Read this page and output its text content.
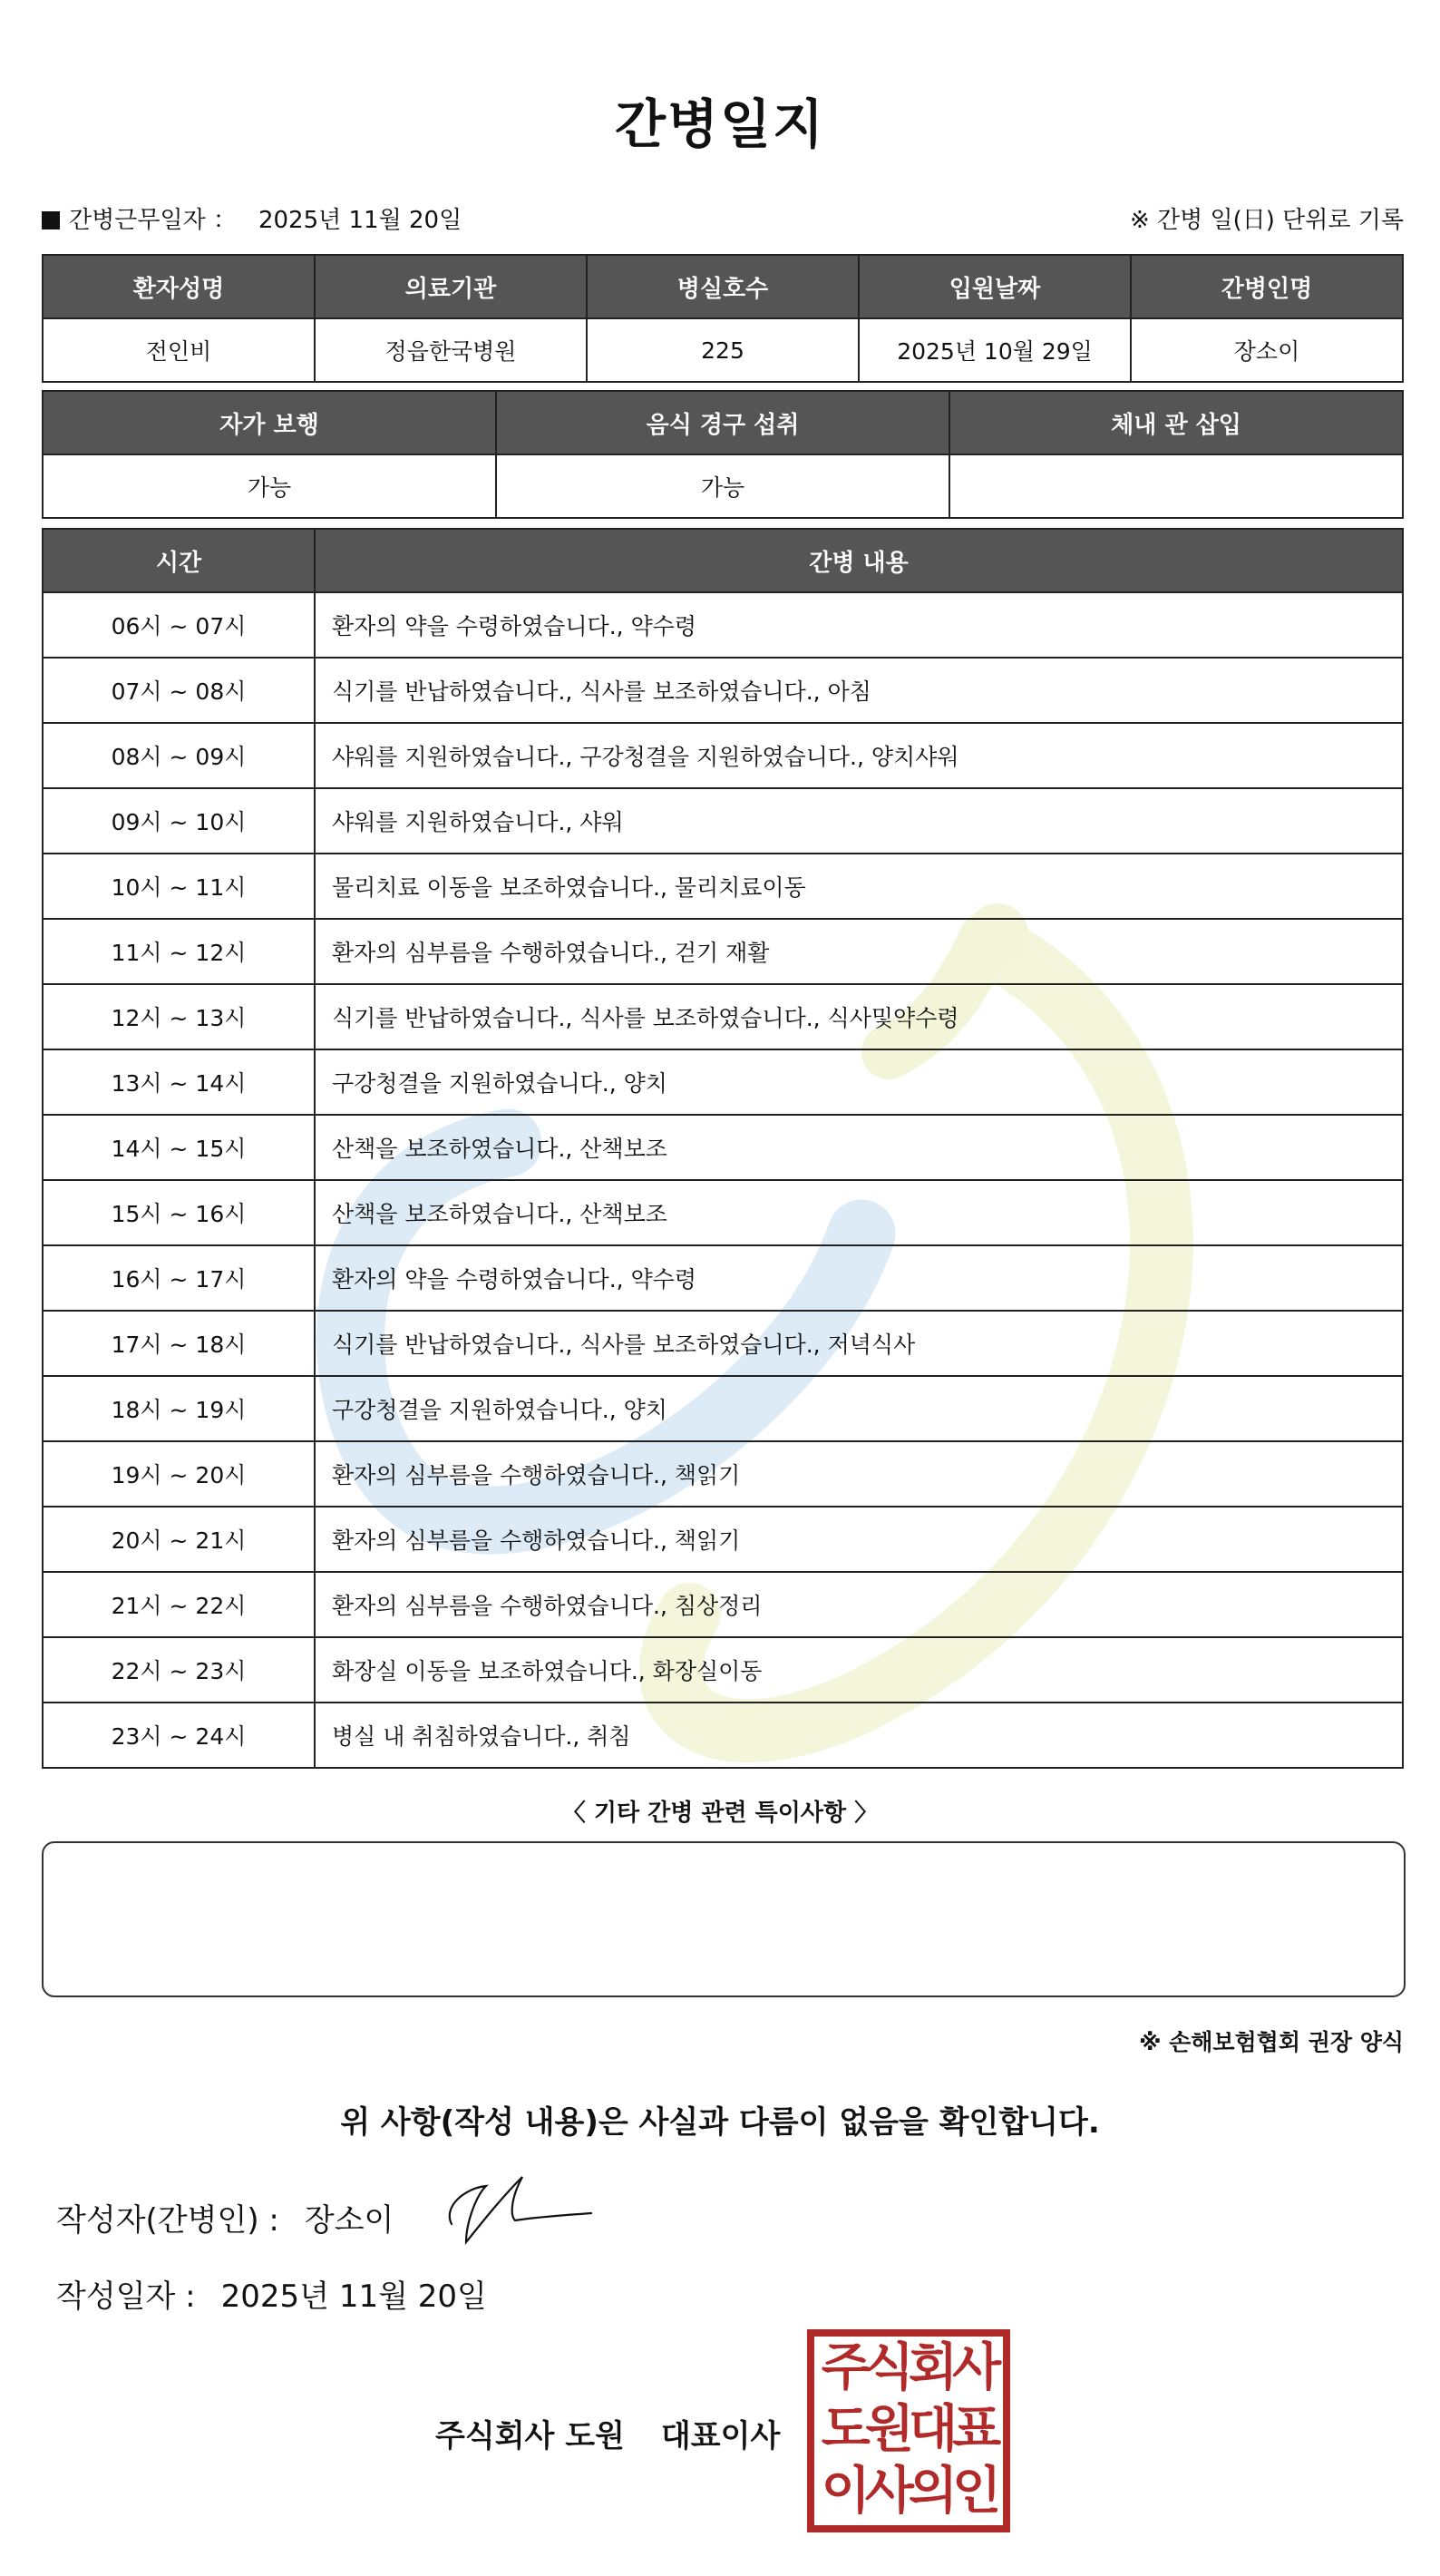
간병일지
간병근무일자 ： 2025년 11월 20일	※ 간병 일(日) 단위로 기록
환자성명	의료기관	병실호수	입원날짜	간병인명
전인비	정읍한국병원	225	2025년 10월 29일	장소이
자가 보행	음식 경구 섭취	체내 관 삽입
가능	가능	
시간	간병 내용
06시 ~ 07시	환자의 약을 수령하였습니다., 약수령
07시 ~ 08시	식기를 반납하였습니다., 식사를 보조하였습니다., 아침
08시 ~ 09시	샤워를 지원하였습니다., 구강청결을 지원하였습니다., 양치샤워
09시 ~ 10시	샤워를 지원하였습니다., 샤워
10시 ~ 11시	물리치료 이동을 보조하였습니다., 물리치료이동
11시 ~ 12시	환자의 심부름을 수행하였습니다., 걷기 재활
12시 ~ 13시	식기를 반납하였습니다., 식사를 보조하였습니다., 식사및약수령
13시 ~ 14시	구강청결을 지원하였습니다., 양치
14시 ~ 15시	산책을 보조하였습니다., 산책보조
15시 ~ 16시	산책을 보조하였습니다., 산책보조
16시 ~ 17시	환자의 약을 수령하였습니다., 약수령
17시 ~ 18시	식기를 반납하였습니다., 식사를 보조하였습니다., 저녁식사
18시 ~ 19시	구강청결을 지원하였습니다., 양치
19시 ~ 20시	환자의 심부름을 수행하였습니다., 책읽기
20시 ~ 21시	환자의 심부름을 수행하였습니다., 책읽기
21시 ~ 22시	환자의 심부름을 수행하였습니다., 침상정리
22시 ~ 23시	화장실 이동을 보조하였습니다., 화장실이동
23시 ~ 24시	병실 내 취침하였습니다., 취침
〈 기타 간병 관련 특이사항 〉
※ 손해보험협회 권장 양식
위 사항(작성 내용)은 사실과 다름이 없음을 확인합니다.
작성자(간병인) : 장소이
작성일자 : 2025년 11월 20일
주식회사 도원 대표이사
주식회사
도원대표
이사의인
